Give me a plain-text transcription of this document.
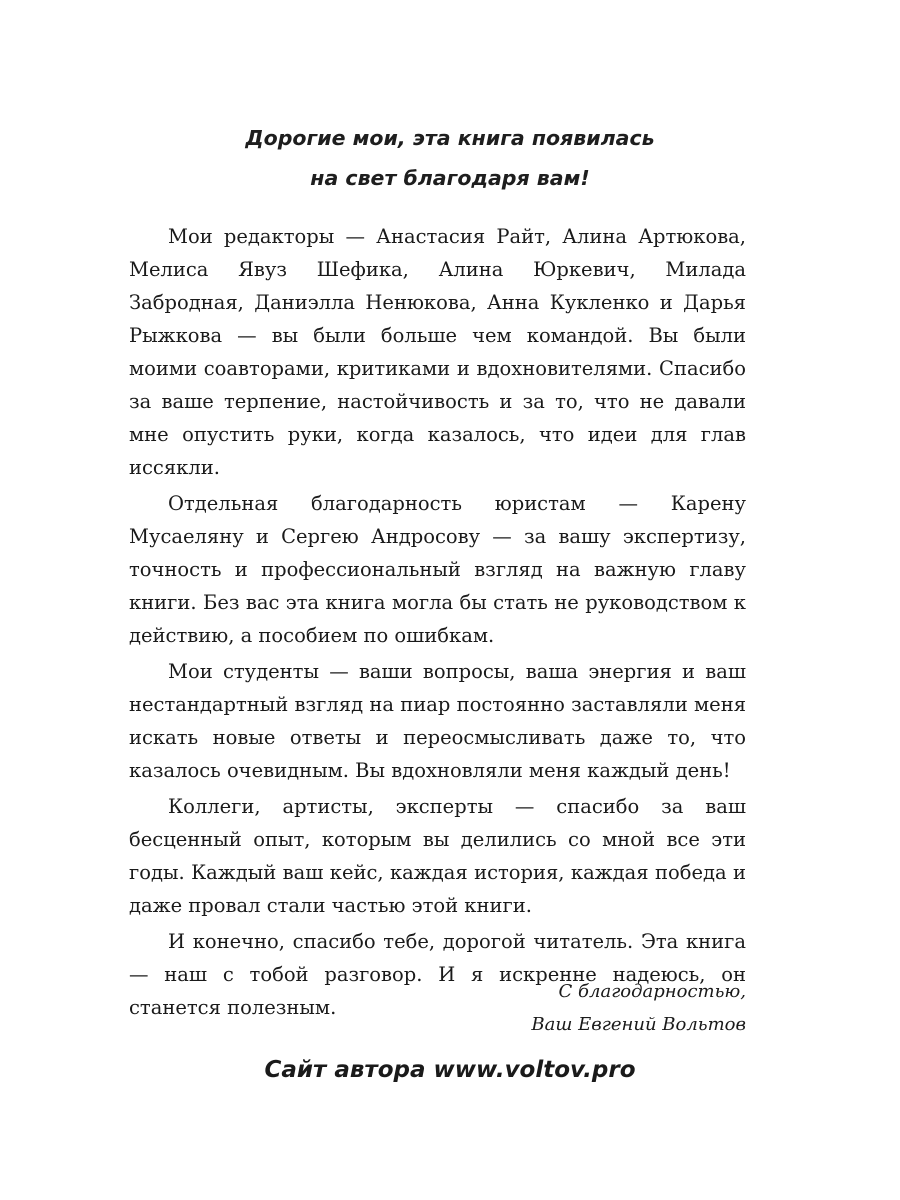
Дорогие мои, эта книга появилась
на свет благодаря вам!

Мои редакторы — Анастасия Райт, Алина Артюкова, Мелиса Явуз Шефика, Алина Юркевич, Милада Забродная, Даниэлла Ненюкова, Анна Кукленко и Дарья Рыжкова — вы были больше чем командой. Вы были моими соавторами, критиками и вдохновителями. Спасибо за ваше терпение, настойчивость и за то, что не давали мне опустить руки, когда казалось, что идеи для глав иссякли.

Отдельная благодарность юристам — Карену Мусаеляну и Сергею Андросову — за вашу экспертизу, точность и профессиональный взгляд на важную главу книги. Без вас эта книга могла бы стать не руководством к действию, а пособием по ошибкам.

Мои студенты — ваши вопросы, ваша энергия и ваш нестандартный взгляд на пиар постоянно заставляли меня искать новые ответы и переосмысливать даже то, что казалось очевидным. Вы вдохновляли меня каждый день!

Коллеги, артисты, эксперты — спасибо за ваш бесценный опыт, которым вы делились со мной все эти годы. Каждый ваш кейс, каждая история, каждая победа и даже провал стали частью этой книги.

И конечно, спасибо тебе, дорогой читатель. Эта книга — наш с тобой разговор. И я искренне надеюсь, он станется полезным.

С благодарностью,
Ваш Евгений Вольтов
Сайт автора www.voltov.pro
